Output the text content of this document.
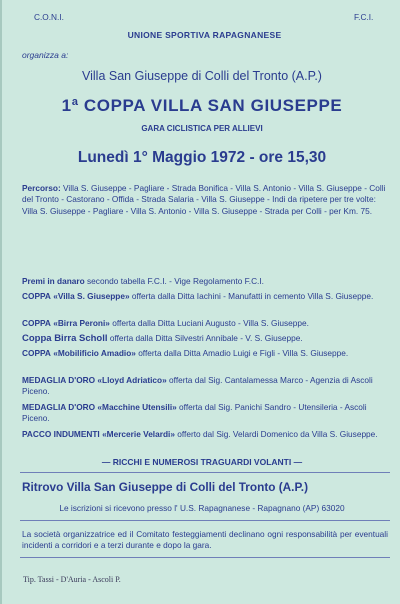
C.O.N.I.	F.C.I.
UNIONE SPORTIVA RAPAGNANESE
organizza a:
Villa San Giuseppe di Colli del Tronto (A.P.)
1ª COPPA VILLA SAN GIUSEPPE
GARA CICLISTICA PER ALLIEVI
Lunedì 1° Maggio 1972 - ore 15,30
Percorso: Villa S. Giuseppe - Pagliare - Strada Bonifica - Villa S. Antonio - Villa S. Giuseppe - Colli del Tronto - Castorano - Offida - Strada Salaria - Villa S. Giuseppe - Indi da ripetere per tre volte: Villa S. Giuseppe - Pagliare - Villa S. Antonio - Villa S. Giuseppe - Strada per Colli - per Km. 75.
Premi in danaro secondo tabella F.C.I. - Vige Regolamento F.C.I.
COPPA «Villa S. Giuseppe» offerta dalla Ditta Iachini - Manufatti in cemento Villa S. Giuseppe.
COPPA «Birra Peroni» offerta dalla Ditta Luciani Augusto - Villa S. Giuseppe.
Coppa Birra Scholl offerta dalla Ditta Silvestri Annibale - V. S. Giuseppe.
COPPA «Mobilificio Amadio» offerta dalla Ditta Amadio Luigi e Figli - Villa S. Giuseppe.
MEDAGLIA D'ORO «Lloyd Adriatico» offerta dal Sig. Cantalamessa Marco - Agenzia di Ascoli Piceno.
MEDAGLIA D'ORO «Macchine Utensili» offerta dal Sig. Panichi Sandro - Utensileria - Ascoli Piceno.
PACCO INDUMENTI «Mercerie Velardi» offerto dal Sig. Velardi Domenico da Villa S. Giuseppe.
— RICCHI E NUMEROSI TRAGUARDI VOLANTI —
Ritrovo Villa San Giuseppe di Colli del Tronto (A.P.)
Le iscrizioni si ricevono presso l' U.S. Rapagnanese - Rapagnano (AP) 63020
La società organizzatrice ed il Comitato festeggiamenti declinano ogni responsabilità per eventuali incidenti a corridori e a terzi durante e dopo la gara.
Tip. Tassi - D'Auria - Ascoli P.
